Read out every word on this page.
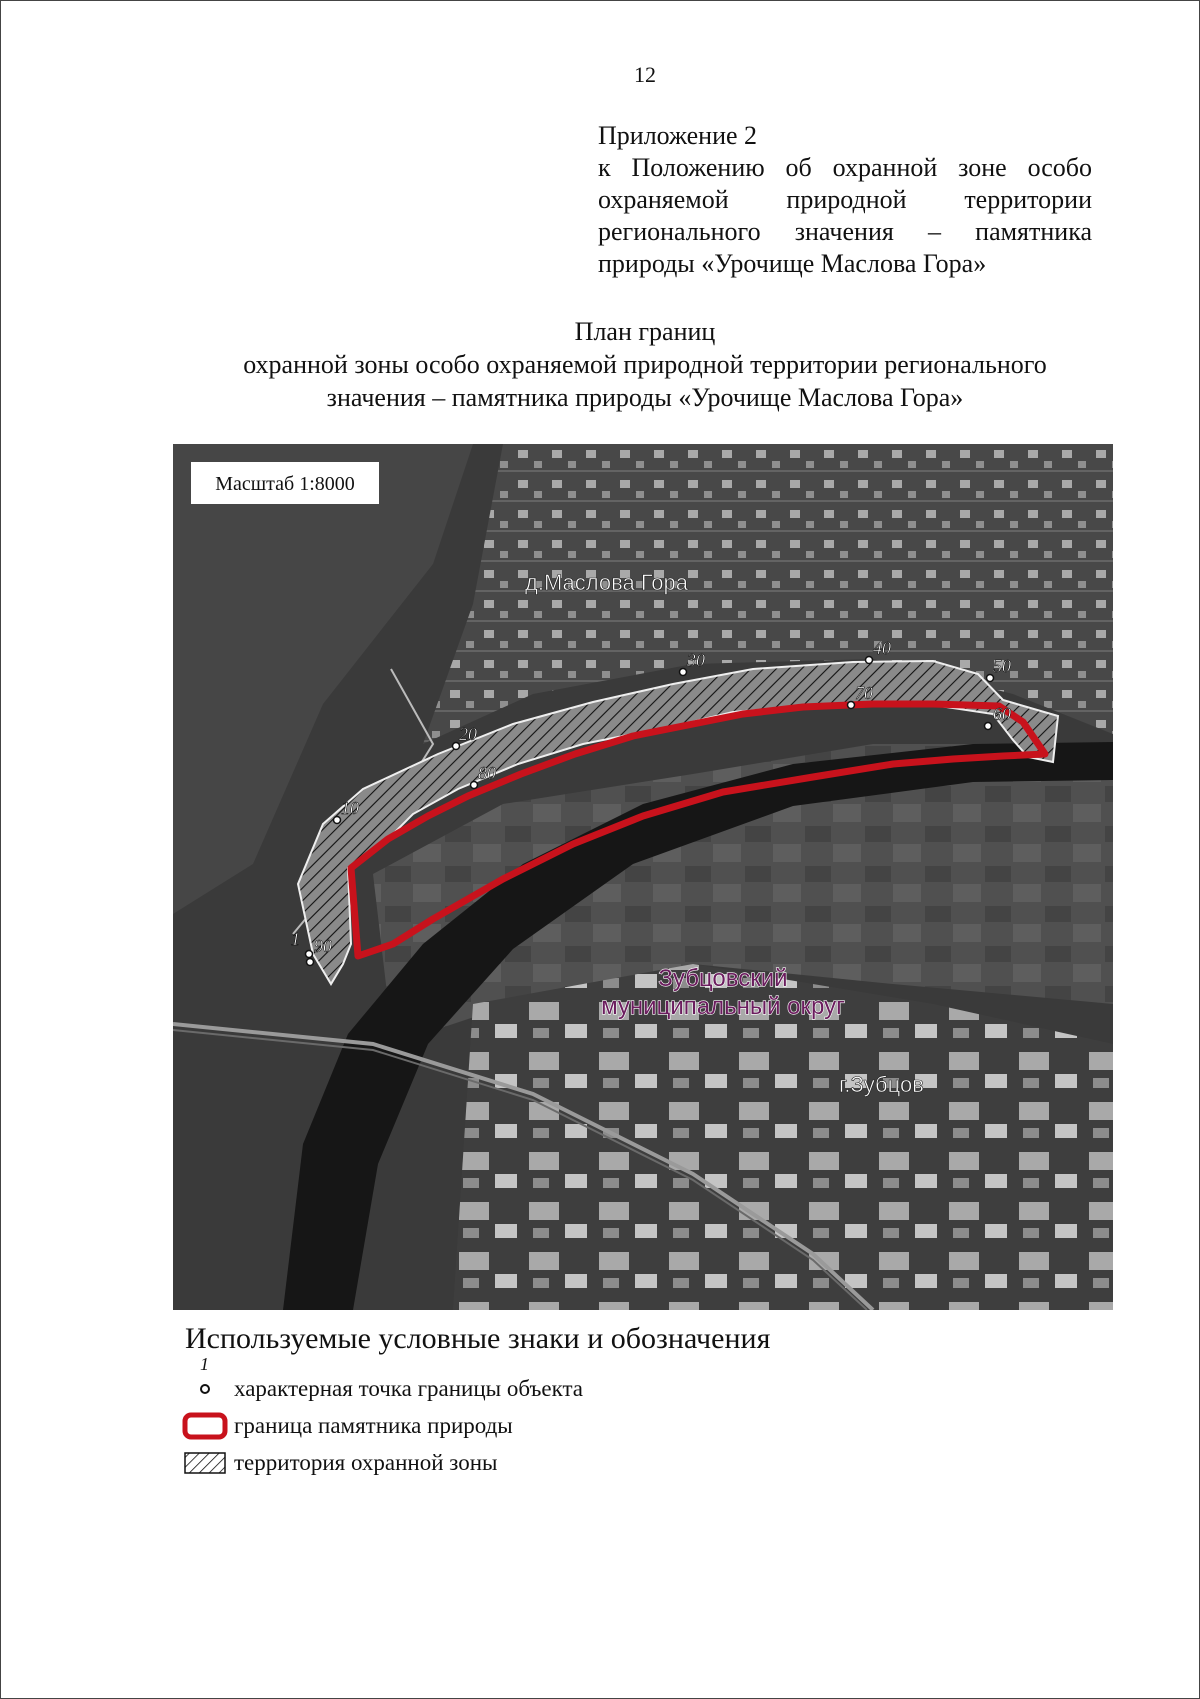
12
Приложение 2
к Положению об охранной зоне особо охраняемой природной территории регионального значения – памятника природы «Урочище Маслова Гора»
План границ
охранной зоны особо охраняемой природной территории регионального
значения – памятника природы «Урочище Маслова Гора»
Масштаб 1:8000
д.Маслова Гора
Зубцовский
муниципальный округ
г.Зубцов
1
10
20
30
40
50
60
70
80
90
Используемые условные знаки и обозначения
1
характерная точка границы объекта
граница памятника природы
территория охранной зоны
